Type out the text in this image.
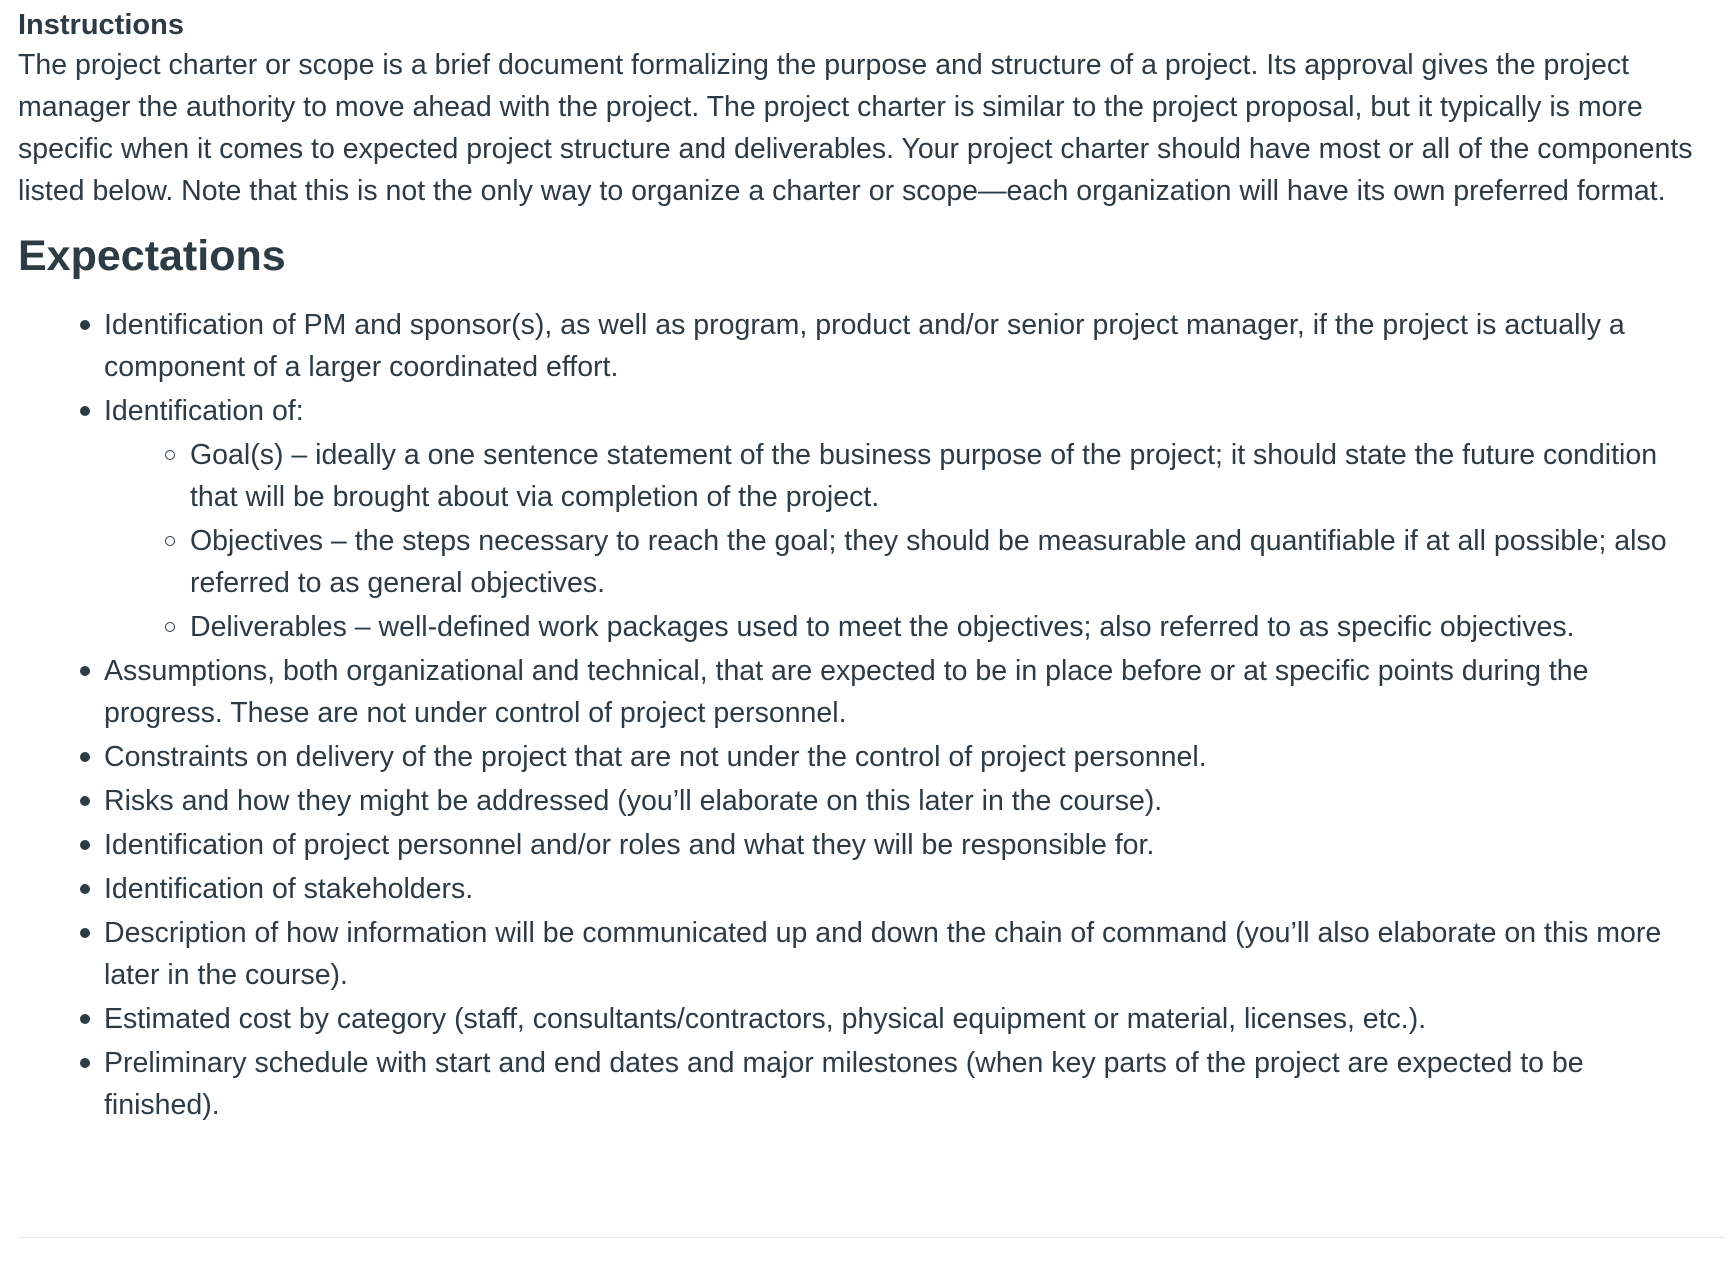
Instructions

The project charter or scope is a brief document formalizing the purpose and structure of a project. Its approval gives the project manager the authority to move ahead with the project. The project charter is similar to the project proposal, but it typically is more specific when it comes to expected project structure and deliverables. Your project charter should have most or all of the components listed below. Note that this is not the only way to organize a charter or scope—each organization will have its own preferred format.

Expectations
Identification of PM and sponsor(s), as well as program, product and/or senior project manager, if the project is actually a component of a larger coordinated effort.
Identification of:
Goal(s) – ideally a one sentence statement of the business purpose of the project; it should state the future condition that will be brought about via completion of the project.
Objectives – the steps necessary to reach the goal; they should be measurable and quantifiable if at all possible; also referred to as general objectives.
Deliverables – well-defined work packages used to meet the objectives; also referred to as specific objectives.
Assumptions, both organizational and technical, that are expected to be in place before or at specific points during the progress. These are not under control of project personnel.
Constraints on delivery of the project that are not under the control of project personnel.
Risks and how they might be addressed (you’ll elaborate on this later in the course).
Identification of project personnel and/or roles and what they will be responsible for.
Identification of stakeholders.
Description of how information will be communicated up and down the chain of command (you’ll also elaborate on this more later in the course).
Estimated cost by category (staff, consultants/contractors, physical equipment or material, licenses, etc.).
Preliminary schedule with start and end dates and major milestones (when key parts of the project are expected to be finished).
